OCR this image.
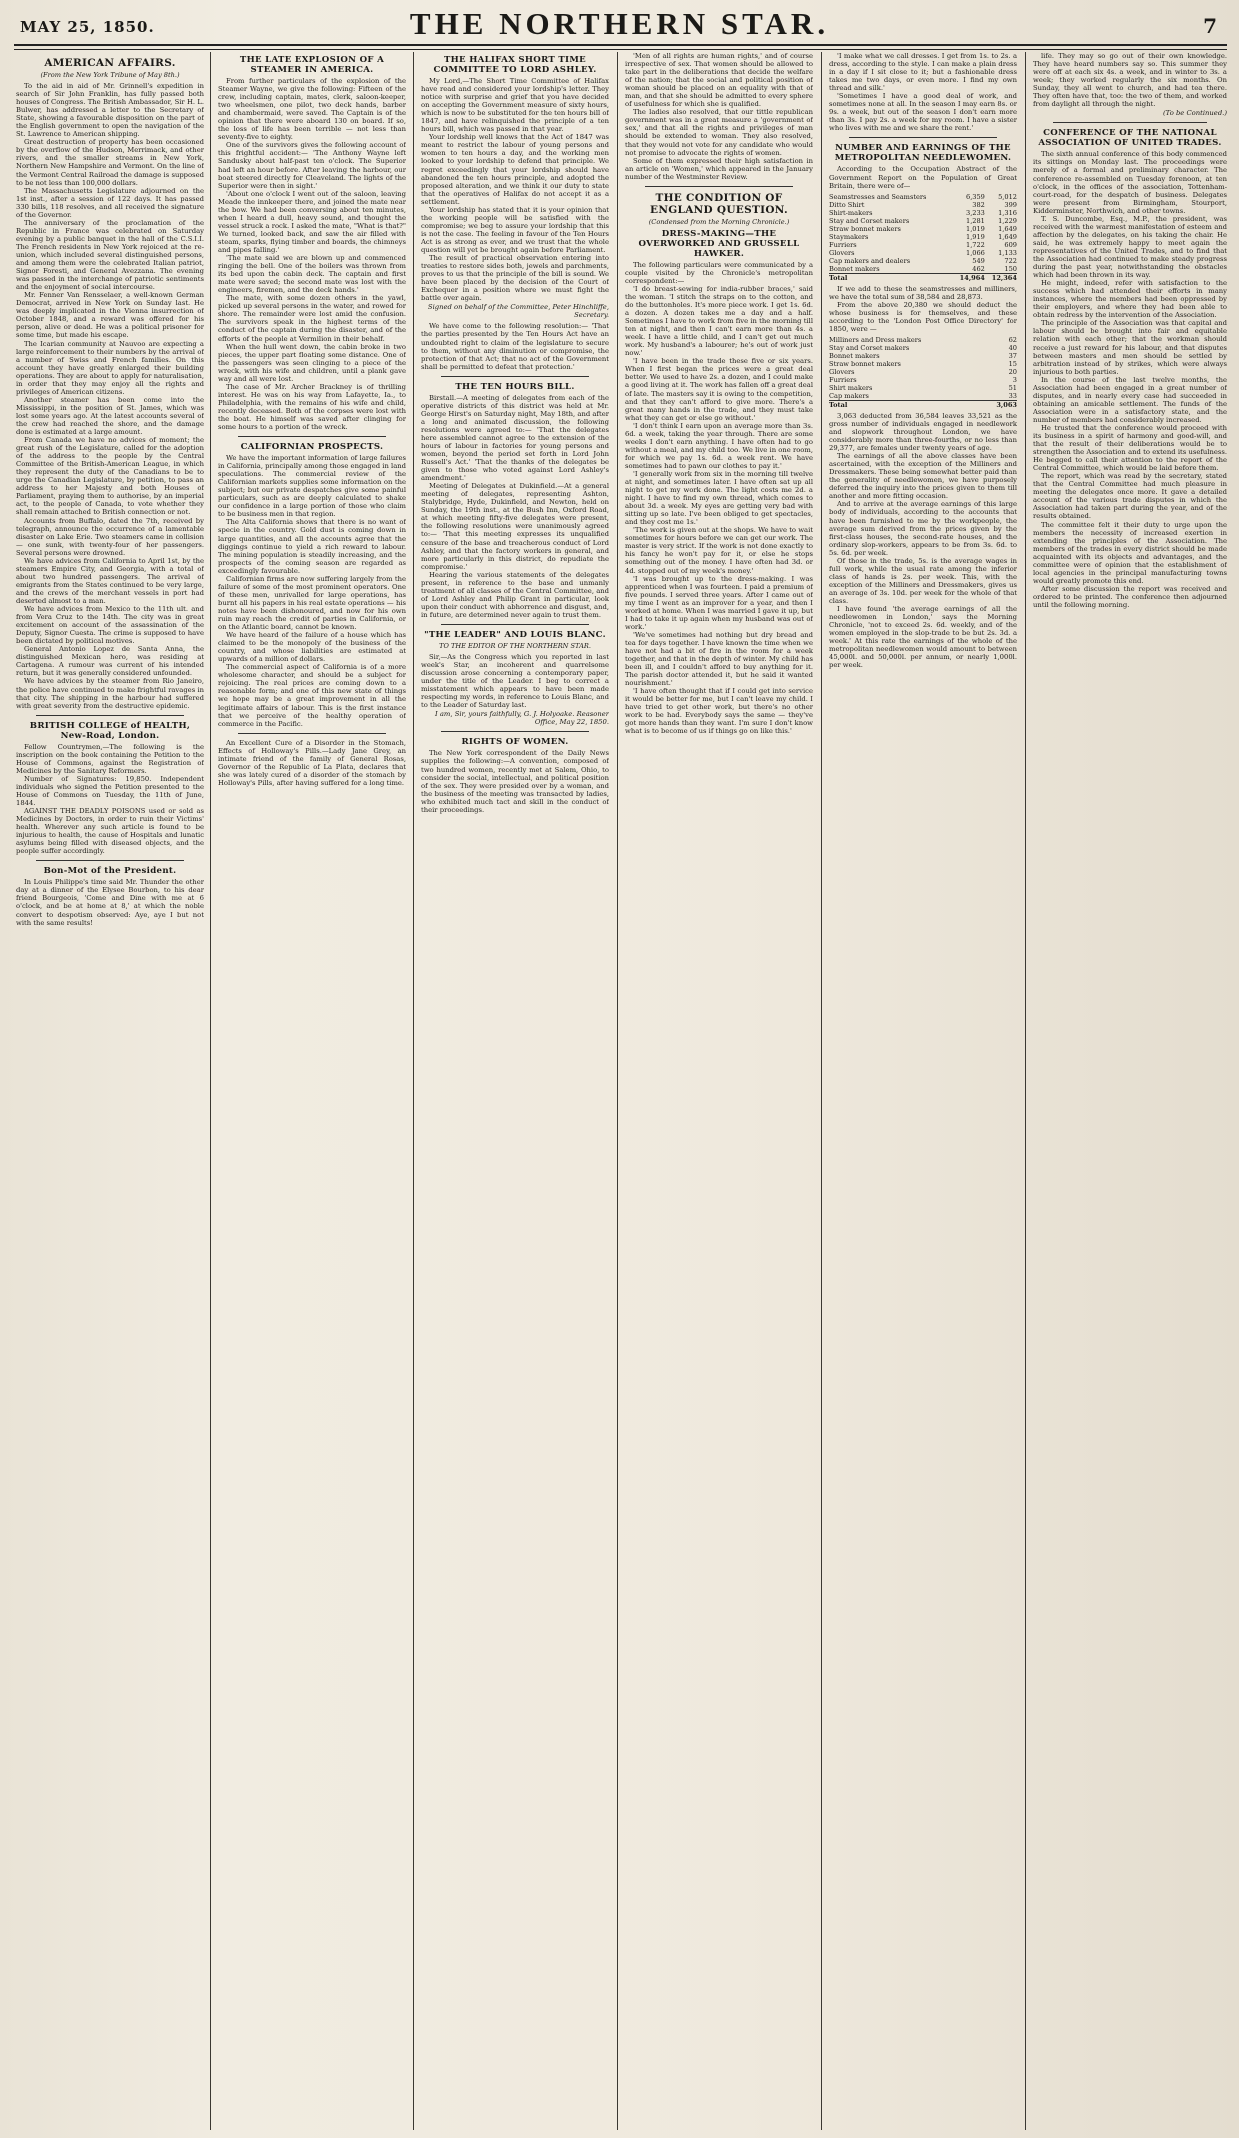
MAY 25, 1850.	THE NORTHERN STAR.	7
AMERICAN AFFAIRS.
(From the New York Tribune of May 8th.)

To the aid in aid of Mr. Grinnell's expedition in search of Sir John Franklin, has fully passed both houses of Congress. The British Ambassador, Sir H. L. Bulwer, has addressed a letter to the Secretary of State, showing a favourable disposition on the part of the English government to open the navigation of the St. Lawrence to American shipping.

Great destruction of property has been occasioned by the overflow of the Hudson, Merrimack, and other rivers, and the smaller streams in New York, Northern New Hampshire and Vermont. On the line of the Vermont Central Railroad the damage is supposed to be not less than 100,000 dollars.

The Massachusetts Legislature adjourned on the 1st inst., after a session of 122 days. It has passed 330 bills, 118 resolves, and all received the signature of the Governor.

The anniversary of the proclamation of the Republic in France was celebrated on Saturday evening by a public banquet in the hall of the C.S.I.I. The French residents in New York rejoiced at the re-union, which included several distinguished persons, and among them were the celebrated Italian patriot, Signor Foresti, and General Avezzana. The evening was passed in the interchange of patriotic sentiments and the enjoyment of social intercourse.

Mr. Fenner Van Rensselaer, a well-known German Democrat, arrived in New York on Sunday last. He was deeply implicated in the Vienna insurrection of October 1848, and a reward was offered for his person, alive or dead. He was a political prisoner for some time, but made his escape.

The Icarian community at Nauvoo are expecting a large reinforcement to their numbers by the arrival of a number of Swiss and French families. On this account they have greatly enlarged their building operations. They are about to apply for naturalisation, in order that they may enjoy all the rights and privileges of American citizens.

Another steamer has been come into the Mississippi, in the position of St. James, which was lost some years ago. At the latest accounts several of the crew had reached the shore, and the damage done is estimated at a large amount.

From Canada we have no advices of moment; the great rush of the Legislature, called for the adoption of the address to the people by the Central Committee of the British-American League, in which they represent the duty of the Canadians to be to urge the Canadian Legislature, by petition, to pass an address to her Majesty and both Houses of Parliament, praying them to authorise, by an imperial act, to the people of Canada, to vote whether they shall remain attached to British connection or not.

Accounts from Buffalo, dated the 7th, received by telegraph, announce the occurrence of a lamentable disaster on Lake Erie. Two steamers came in collision — one sunk, with twenty-four of her passengers. Several persons were drowned.

We have advices from California to April 1st, by the steamers Empire City, and Georgia, with a total of about two hundred passengers. The arrival of emigrants from the States continued to be very large, and the crews of the merchant vessels in port had deserted almost to a man.

We have advices from Mexico to the 11th ult. and from Vera Cruz to the 14th. The city was in great excitement on account of the assassination of the Deputy, Signor Cuesta. The crime is supposed to have been dictated by political motives.

General Antonio Lopez de Santa Anna, the distinguished Mexican hero, was residing at Cartagena. A rumour was current of his intended return, but it was generally considered unfounded.

We have advices by the steamer from Rio Janeiro, the police have continued to make frightful ravages in that city. The shipping in the harbour had suffered with great severity from the destructive epidemic.

BRITISH COLLEGE of HEALTH, New-Road, London.

Fellow Countrymen,—The following is the inscription on the book containing the Petition to the House of Commons, against the Registration of Medicines by the Sanitary Reformers.

Number of Signatures: 19,850. Independent individuals who signed the Petition presented to the House of Commons on Tuesday, the 11th of June, 1844.

AGAINST THE DEADLY POISONS used or sold as Medicines by Doctors, in order to ruin their Victims' health. Wherever any such article is found to be injurious to health, the cause of Hospitals and lunatic asylums being filled with diseased objects, and the people suffer accordingly.

Bon-Mot of the President.

In Louis Philippe's time said Mr. Thunder the other day at a dinner of the Elysee Bourbon, to his dear friend Bourgeois, 'Come and Dine with me at 6 o'clock, and be at home at 8,' at which the noble convert to despotism observed: Aye, aye I but not with the same results!

THE LATE EXPLOSION OF A STEAMER IN AMERICA.

From further particulars of the explosion of the Steamer Wayne, we give the following: Fifteen of the crew, including captain, mates, clerk, saloon-keeper, two wheelsmen, one pilot, two deck hands, barber and chambermaid, were saved. The Captain is of the opinion that there were aboard 130 on board. If so, the loss of life has been terrible — not less than seventy-five to eighty.

One of the survivors gives the following account of this frightful accident:— 'The Anthony Wayne left Sandusky about half-past ten o'clock. The Superior had left an hour before. After leaving the harbour, our boat steered directly for Cleaveland. The lights of the Superior were then in sight.'

'About one o'clock I went out of the saloon, leaving Meade the innkeeper there, and joined the mate near the bow. We had been conversing about ten minutes, when I heard a dull, heavy sound, and thought the vessel struck a rock. I asked the mate, "What is that?" We turned, looked back, and saw the air filled with steam, sparks, flying timber and boards, the chimneys and pipes falling.'

'The mate said we are blown up and commenced ringing the bell. One of the boilers was thrown from its bed upon the cabin deck. The captain and first mate were saved; the second mate was lost with the engineers, firemen, and the deck hands.'

The mate, with some dozen others in the yawl, picked up several persons in the water, and rowed for shore. The remainder were lost amid the confusion. The survivors speak in the highest terms of the conduct of the captain during the disaster, and of the efforts of the people at Vermilion in their behalf.

When the hull went down, the cabin broke in two pieces, the upper part floating some distance. One of the passengers was seen clinging to a piece of the wreck, with his wife and children, until a plank gave way and all were lost.

The case of Mr. Archer Brackney is of thrilling interest. He was on his way from Lafayette, Ia., to Philadelphia, with the remains of his wife and child, recently deceased. Both of the corpses were lost with the boat. He himself was saved after clinging for some hours to a portion of the wreck.

CALIFORNIAN PROSPECTS.

We have the important information of large failures in California, principally among those engaged in land speculations. The commercial review of the Californian markets supplies some information on the subject; but our private despatches give some painful particulars, such as are deeply calculated to shake our confidence in a large portion of those who claim to be business men in that region.

The Alta California shows that there is no want of specie in the country. Gold dust is coming down in large quantities, and all the accounts agree that the diggings continue to yield a rich reward to labour. The mining population is steadily increasing, and the prospects of the coming season are regarded as exceedingly favourable.

Californian firms are now suffering largely from the failure of some of the most prominent operators. One of these men, unrivalled for large operations, has burnt all his papers in his real estate operations — his notes have been dishonoured, and now for his own ruin may reach the credit of parties in California, or on the Atlantic board, cannot be known.

We have heard of the failure of a house which has claimed to be the monopoly of the business of the country, and whose liabilities are estimated at upwards of a million of dollars.

The commercial aspect of California is of a more wholesome character, and should be a subject for rejoicing. The real prices are coming down to a reasonable form; and one of this new state of things we hope may be a great improvement in all the legitimate affairs of labour. This is the first instance that we perceive of the healthy operation of commerce in the Pacific.

An Excellent Cure of a Disorder in the Stomach, Effects of Holloway's Pills.—Lady Jane Grey, an intimate friend of the family of General Rosas, Governor of the Republic of La Plata, declares that she was lately cured of a disorder of the stomach by Holloway's Pills, after having suffered for a long time.

THE HALIFAX SHORT TIME COMMITTEE TO LORD ASHLEY.

My Lord,—The Short Time Committee of Halifax have read and considered your lordship's letter. They notice with surprise and grief that you have decided on accepting the Government measure of sixty hours, which is now to be substituted for the ten hours bill of 1847, and have relinquished the principle of a ten hours bill, which was passed in that year.

Your lordship well knows that the Act of 1847 was meant to restrict the labour of young persons and women to ten hours a day, and the working men looked to your lordship to defend that principle. We regret exceedingly that your lordship should have abandoned the ten hours principle, and adopted the proposed alteration, and we think it our duty to state that the operatives of Halifax do not accept it as a settlement.

Your lordship has stated that it is your opinion that the working people will be satisfied with the compromise; we beg to assure your lordship that this is not the case. The feeling in favour of the Ten Hours Act is as strong as ever, and we trust that the whole question will yet be brought again before Parliament.

The result of practical observation entering into treaties to restore sides both, jewels and parchments, proves to us that the principle of the bill is sound. We have been placed by the decision of the Court of Exchequer in a position where we must fight the battle over again.

Signed on behalf of the Committee, Peter Hinchliffe, Secretary.

We have come to the following resolution:— 'That the parties presented by the Ten Hours Act have an undoubted right to claim of the legislature to secure to them, without any diminution or compromise, the protection of that Act; that no act of the Government shall be permitted to defeat that protection.'

THE TEN HOURS BILL.

Birstall.—A meeting of delegates from each of the operative districts of this district was held at Mr. George Hirst's on Saturday night, May 18th, and after a long and animated discussion, the following resolutions were agreed to:— 'That the delegates here assembled cannot agree to the extension of the hours of labour in factories for young persons and women, beyond the period set forth in Lord John Russell's Act.' 'That the thanks of the delegates be given to those who voted against Lord Ashley's amendment.'

Meeting of Delegates at Dukinfield.—At a general meeting of delegates, representing Ashton, Stalybridge, Hyde, Dukinfield, and Newton, held on Sunday, the 19th inst., at the Bush Inn, Oxford Road, at which meeting fifty-five delegates were present, the following resolutions were unanimously agreed to:— 'That this meeting expresses its unqualified censure of the base and treacherous conduct of Lord Ashley, and that the factory workers in general, and more particularly in this district, do repudiate the compromise.'

Hearing the various statements of the delegates present, in reference to the base and unmanly treatment of all classes of the Central Committee, and of Lord Ashley and Philip Grant in particular, look upon their conduct with abhorrence and disgust, and, in future, are determined never again to trust them.

"THE LEADER" AND LOUIS BLANC.
TO THE EDITOR OF THE NORTHERN STAR.

Sir,—As the Congress which you reported in last week's Star, an incoherent and quarrelsome discussion arose concerning a contemporary paper, under the title of the Leader. I beg to correct a misstatement which appears to have been made respecting my words, in reference to Louis Blanc, and to the Leader of Saturday last.

I am, Sir, yours faithfully, G. J. Holyoake. Reasoner Office, May 22, 1850.
RIGHTS OF WOMEN.

The New York correspondent of the Daily News supplies the following:—A convention, composed of two hundred women, recently met at Salem, Ohio, to consider the social, intellectual, and political position of the sex. They were presided over by a woman, and the business of the meeting was transacted by ladies, who exhibited much tact and skill in the conduct of their proceedings.

'Men of all rights are human rights,' and of course irrespective of sex. That women should be allowed to take part in the deliberations that decide the welfare of the nation; that the social and political position of woman should be placed on an equality with that of man, and that she should be admitted to every sphere of usefulness for which she is qualified.

The ladies also resolved, that our tittle republican government was in a great measure a 'government of sex,' and that all the rights and privileges of man should be extended to woman. They also resolved, that they would not vote for any candidate who would not promise to advocate the rights of women.

Some of them expressed their high satisfaction in an article on 'Women,' which appeared in the January number of the Westminster Review.

THE CONDITION OF ENGLAND QUESTION.
(Condensed from the Morning Chronicle.)
DRESS-MAKING—THE OVERWORKED AND GRUSSELL HAWKER.

The following particulars were communicated by a couple visited by the Chronicle's metropolitan correspondent:—

'I do breast-sewing for india-rubber braces,' said the woman. 'I stitch the straps on to the cotton, and do the buttonholes. It's more piece work. I get 1s. 6d. a dozen. A dozen takes me a day and a half. Sometimes I have to work from five in the morning till ten at night, and then I can't earn more than 4s. a week. I have a little child, and I can't get out much work. My husband's a labourer; he's out of work just now.'

'I have been in the trade these five or six years. When I first began the prices were a great deal better. We used to have 2s. a dozen, and I could make a good living at it. The work has fallen off a great deal of late. The masters say it is owing to the competition, and that they can't afford to give more. There's a great many hands in the trade, and they must take what they can get or else go without.'

'I don't think I earn upon an average more than 3s. 6d. a week, taking the year through. There are some weeks I don't earn anything. I have often had to go without a meal, and my child too. We live in one room, for which we pay 1s. 6d. a week rent. We have sometimes had to pawn our clothes to pay it.'

'I generally work from six in the morning till twelve at night, and sometimes later. I have often sat up all night to get my work done. The light costs me 2d. a night. I have to find my own thread, which comes to about 3d. a week. My eyes are getting very bad with sitting up so late. I've been obliged to get spectacles, and they cost me 1s.'

'The work is given out at the shops. We have to wait sometimes for hours before we can get our work. The master is very strict. If the work is not done exactly to his fancy he won't pay for it, or else he stops something out of the money. I have often had 3d. or 4d. stopped out of my week's money.'

'I was brought up to the dress-making. I was apprenticed when I was fourteen. I paid a premium of five pounds. I served three years. After I came out of my time I went as an improver for a year, and then I worked at home. When I was married I gave it up, but I had to take it up again when my husband was out of work.'

'We've sometimes had nothing but dry bread and tea for days together. I have known the time when we have not had a bit of fire in the room for a week together, and that in the depth of winter. My child has been ill, and I couldn't afford to buy anything for it. The parish doctor attended it, but he said it wanted nourishment.'

'I have often thought that if I could get into service it would be better for me, but I can't leave my child. I have tried to get other work, but there's no other work to be had. Everybody says the same — they've got more hands than they want. I'm sure I don't know what is to become of us if things go on like this.'

'I make what we call dresses. I get from 1s. to 2s. a dress, according to the style. I can make a plain dress in a day if I sit close to it; but a fashionable dress takes me two days, or even more. I find my own thread and silk.'

'Sometimes I have a good deal of work, and sometimes none at all. In the season I may earn 8s. or 9s. a week, but out of the season I don't earn more than 3s. I pay 2s. a week for my room. I have a sister who lives with me and we share the rent.'

NUMBER AND EARNINGS OF THE METROPOLITAN NEEDLEWOMEN.

According to the Occupation Abstract of the Government Report on the Population of Great Britain, there were of—

Seamstresses and Seamsters	6,359	5,012
Ditto Shirt	382	399
Shirt-makers	3,233	1,316
Stay and Corset makers	1,281	1,229
Straw bonnet makers	1,019	1,649
Staymakers	1,919	1,649
Furriers	1,722	609
Glovers	1,066	1,133
Cap makers and dealers	549	722
Bonnet makers	462	150
Total	14,964	12,364

If we add to these the seamstresses and milliners, we have the total sum of 38,584 and 28,873.

From the above 20,380 we should deduct the whose business is for themselves, and these according to the 'London Post Office Directory' for 1850, were —

Milliners and Dress makers	62
Stay and Corset makers	40
Bonnet makers	37
Straw bonnet makers	15
Glovers	20
Furriers	3
Shirt makers	51
Cap makers	33
Total	3,063

3,063 deducted from 36,584 leaves 33,521 as the gross number of individuals engaged in needlework and slopwork throughout London, we have considerably more than three-fourths, or no less than 29,377, are females under twenty years of age.

The earnings of all the above classes have been ascertained, with the exception of the Milliners and Dressmakers. These being somewhat better paid than the generality of needlewomen, we have purposely deferred the inquiry into the prices given to them till another and more fitting occasion.

And to arrive at the average earnings of this large body of individuals, according to the accounts that have been furnished to me by the workpeople, the average sum derived from the prices given by the first-class houses, the second-rate houses, and the ordinary slop-workers, appears to be from 3s. 6d. to 5s. 6d. per week.

Of those in the trade, 5s. is the average wages in full work, while the usual rate among the inferior class of hands is 2s. per week. This, with the exception of the Milliners and Dressmakers, gives us an average of 3s. 10d. per week for the whole of that class.

I have found 'the average earnings of all the needlewomen in London,' says the Morning Chronicle, 'not to exceed 2s. 6d. weekly, and of the women employed in the slop-trade to be but 2s. 3d. a week.' At this rate the earnings of the whole of the metropolitan needlewomen would amount to between 45,000l. and 50,000l. per annum, or nearly 1,000l. per week.

life. They may so go out of their own knowledge. They have heard numbers say so. This summer they were off at each six 4s. a week, and in winter to 3s. a week; they worked regularly the six months. On Sunday, they all went to church, and had tea there. They often have that, too: the two of them, and worked from daylight all through the night.

(To be Continued.)
CONFERENCE OF THE NATIONAL ASSOCIATION OF UNITED TRADES.

The sixth annual conference of this body commenced its sittings on Monday last. The proceedings were merely of a formal and preliminary character. The conference re-assembled on Tuesday forenoon, at ten o'clock, in the offices of the association, Tottenham-court-road, for the despatch of business. Delegates were present from Birmingham, Stourport, Kidderminster, Northwich, and other towns.

T. S. Duncombe, Esq., M.P., the president, was received with the warmest manifestation of esteem and affection by the delegates, on his taking the chair. He said, he was extremely happy to meet again the representatives of the United Trades, and to find that the Association had continued to make steady progress during the past year, notwithstanding the obstacles which had been thrown in its way.

He might, indeed, refer with satisfaction to the success which had attended their efforts in many instances, where the members had been oppressed by their employers, and where they had been able to obtain redress by the intervention of the Association.

The principle of the Association was that capital and labour should be brought into fair and equitable relation with each other; that the workman should receive a just reward for his labour, and that disputes between masters and men should be settled by arbitration instead of by strikes, which were always injurious to both parties.

In the course of the last twelve months, the Association had been engaged in a great number of disputes, and in nearly every case had succeeded in obtaining an amicable settlement. The funds of the Association were in a satisfactory state, and the number of members had considerably increased.

He trusted that the conference would proceed with its business in a spirit of harmony and good-will, and that the result of their deliberations would be to strengthen the Association and to extend its usefulness. He begged to call their attention to the report of the Central Committee, which would be laid before them.

The report, which was read by the secretary, stated that the Central Committee had much pleasure in meeting the delegates once more. It gave a detailed account of the various trade disputes in which the Association had taken part during the year, and of the results obtained.

The committee felt it their duty to urge upon the members the necessity of increased exertion in extending the principles of the Association. The members of the trades in every district should be made acquainted with its objects and advantages, and the committee were of opinion that the establishment of local agencies in the principal manufacturing towns would greatly promote this end.

After some discussion the report was received and ordered to be printed. The conference then adjourned until the following morning.
